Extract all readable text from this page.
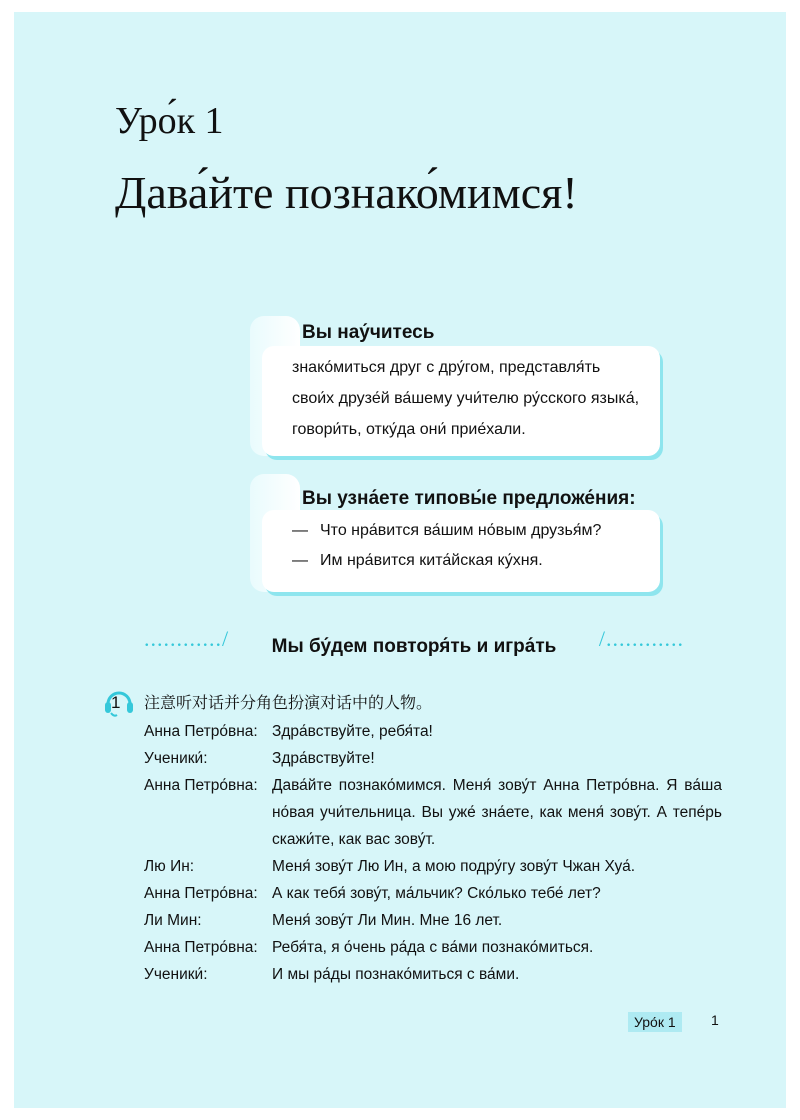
Уро́к 1
Дава́йте познако́мимся!
Вы нау́читесь

знако́миться друг с дру́гом, представля́ть свои́х друзе́й ва́шему учи́телю ру́сского языка́, говори́ть, отку́да они́ прие́хали.

Вы узна́ете типовы́е предложе́ния:
— Что нра́вится ва́шим но́вым друзья́м?
— Им нра́вится кита́йская ку́хня.
............/	Мы бу́дем повторя́ть и игра́ть	/............
1 注意听对话并分角色扮演对话中的人物。
Анна Петро́вна: Здра́вствуйте, ребя́та!
Ученики́:	Здра́вствуйте!
Анна Петро́вна: Дава́йте познако́мимся. Меня́ зову́т Анна Петро́вна. Я ва́ша но́вая учи́тельница. Вы уже́ зна́ете, как меня́ зову́т. А тепе́рь скажи́те, как вас зову́т.
Лю Ин:	Меня́ зову́т Лю Ин, а мою подру́гу зову́т Чжан Хуа́.
Анна Петро́вна: А как тебя́ зову́т, ма́льчик? Ско́лько тебе́ лет?
Ли Мин:	Меня́ зову́т Ли Мин. Мне 16 лет.
Анна Петро́вна: Ребя́та, я о́чень ра́да с ва́ми познако́миться.
Ученики́:	И мы ра́ды познако́миться с ва́ми.
Уро́к 1	1
